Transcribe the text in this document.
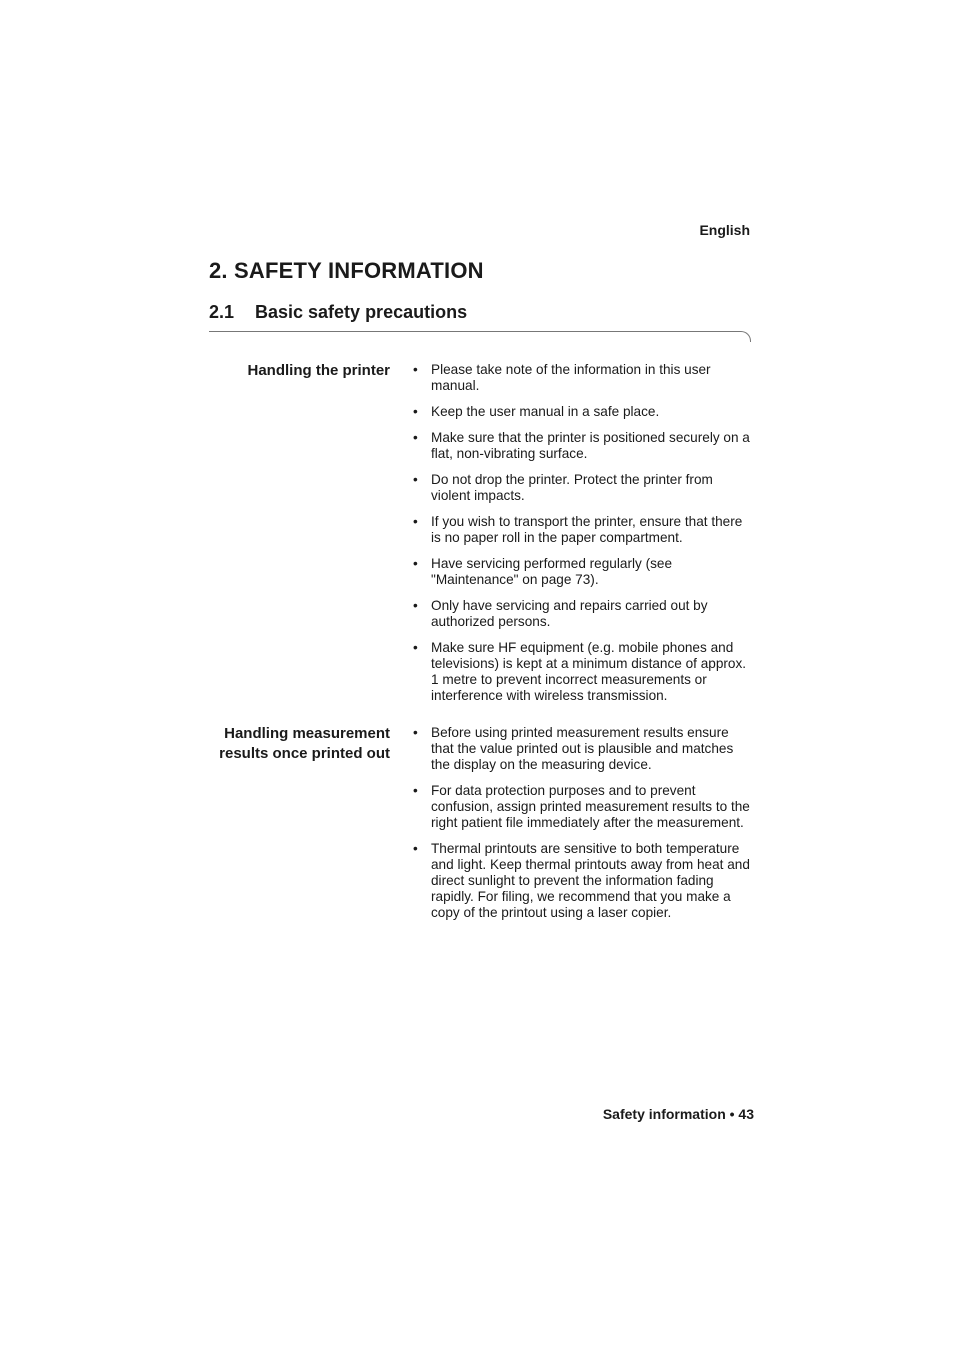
English
2. SAFETY INFORMATION
2.1 Basic safety precautions
Handling the printer • Please take note of the information in this user manual.
• Keep the user manual in a safe place.
• Make sure that the printer is positioned securely on a flat, non-vibrating surface.
• Do not drop the printer. Protect the printer from violent impacts.
• If you wish to transport the printer, ensure that there is no paper roll in the paper compartment.
• Have servicing performed regularly (see "Maintenance" on page 73).
• Only have servicing and repairs carried out by authorized persons.
• Make sure HF equipment (e.g. mobile phones and televisions) is kept at a minimum distance of approx. 1 metre to prevent incorrect measurements or interference with wireless transmission.
Handling measurement
results once printed out
• Before using printed measurement results ensure that the value printed out is plausible and matches the display on the measuring device.
• For data protection purposes and to prevent confusion, assign printed measurement results to the right patient file immediately after the measurement.
• Thermal printouts are sensitive to both temperature and light. Keep thermal printouts away from heat and direct sunlight to prevent the information fading rapidly. For filing, we recommend that you make a copy of the printout using a laser copier.
Safety information • 43
